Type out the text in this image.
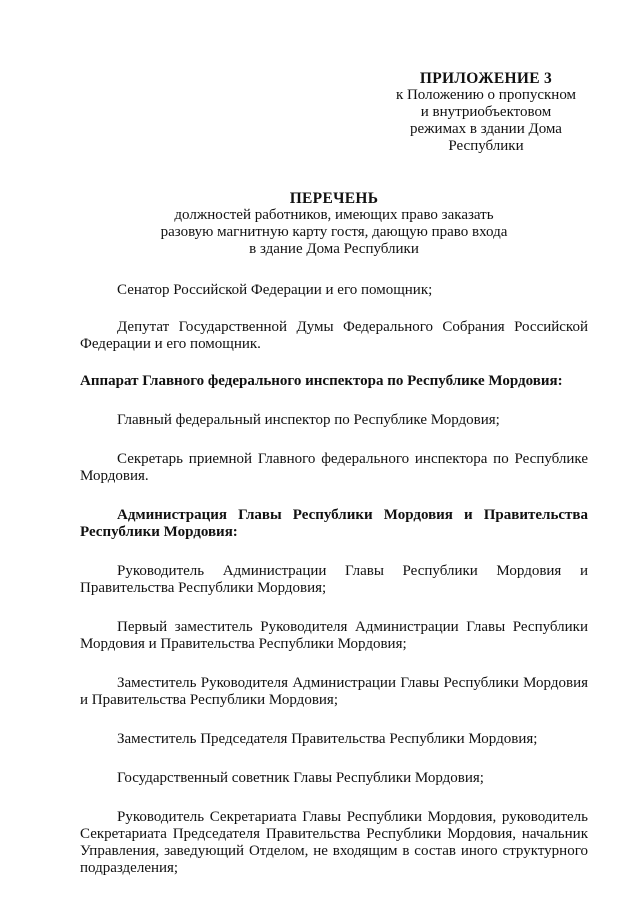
ПРИЛОЖЕНИЕ 3
к Положению о пропускном
и внутриобъектовом
режимах в здании Дома
Республики
ПЕРЕЧЕНЬ
должностей работников, имеющих право заказать
разовую магнитную карту гостя, дающую право входа
в здание Дома Республики

Сенатор Российской Федерации и его помощник;

Депутат Государственной Думы Федерального Собрания Российской Федерации и его помощник.

Аппарат Главного федерального инспектора по Республике Мордовия:

Главный федеральный инспектор по Республике Мордовия;

Секретарь приемной Главного федерального инспектора по Республике Мордовия.

Администрация Главы Республики Мордовия и Правительства Республики Мордовия:

Руководитель Администрации Главы Республики Мордовия и Правительства Республики Мордовия;

Первый заместитель Руководителя Администрации Главы Республики Мордовия и Правительства Республики Мордовия;

Заместитель Руководителя Администрации Главы Республики Мордовия и Правительства Республики Мордовия;

Заместитель Председателя Правительства Республики Мордовия;

Государственный советник Главы Республики Мордовия;

Руководитель Секретариата Главы Республики Мордовия, руководитель Секретариата Председателя Правительства Республики Мордовия, начальник Управления, заведующий Отделом, не входящим в состав иного структурного подразделения;
